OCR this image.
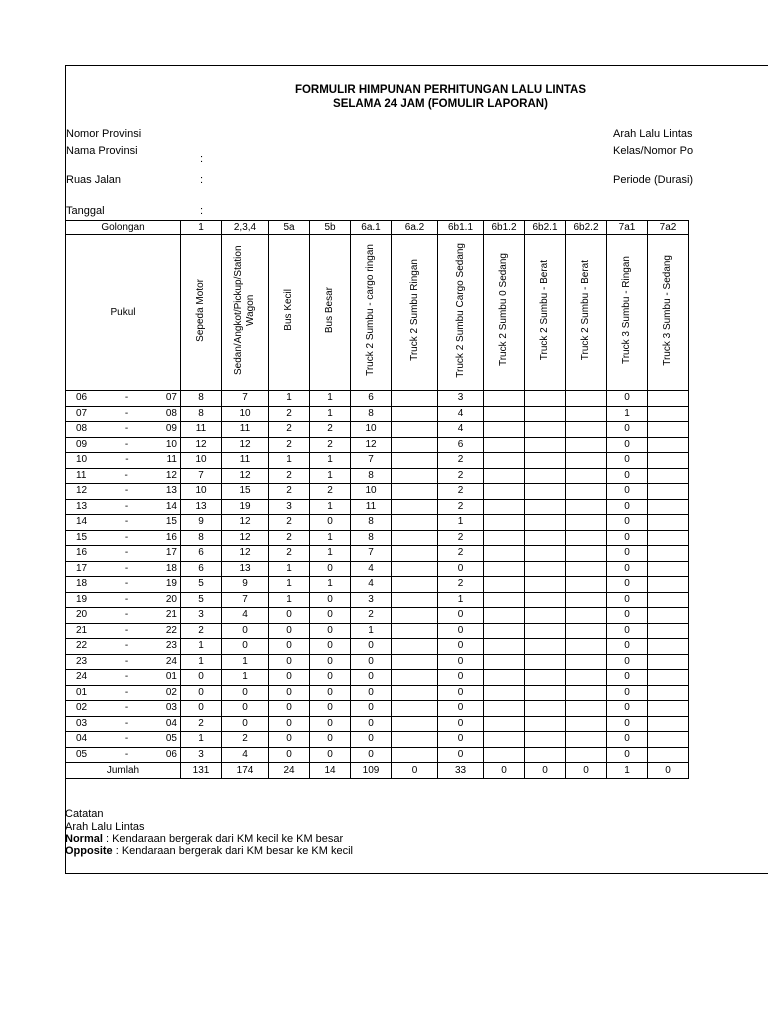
FORMULIR HIMPUNAN PERHITUNGAN LALU LINTAS
SELAMA 24 JAM (FOMULIR LAPORAN)
Nomor Provinsi
Nama Provinsi
:
Ruas Jalan	:
Tanggal	:
Arah Lalu Lintas
Kelas/Nomor Po
Periode (Durasi)
Golongan	1	2,3,4	5a	5b	6a.1	6a.2	6b1.1	6b1.2	6b2.1	6b2.2	7a1	7a2
Pukul	Sepeda Motor	Sedan/Angkot/Pickup/Station Wagon	Bus Kecil	Bus Besar	Truck 2 Sumbu - cargo ringan	Truck 2 Sumbu Ringan	Truck 2 Sumbu Cargo Sedang	Truck 2 Sumbu 0 Sedang	Truck 2 Sumbu - Berat	Truck 2 Sumbu - Berat	Truck 3 Sumbu - Ringan	Truck 3 Sumbu - Sedang

06 - 07	8	7	1	1	6		3				0	

07 - 08	8	10	2	1	8		4				1	

08 - 09	11	11	2	2	10		4				0	

09 - 10	12	12	2	2	12		6				0	

10 - 11	10	11	1	1	7		2				0	

11 - 12	7	12	2	1	8		2				0	

12 - 13	10	15	2	2	10		2				0	

13 - 14	13	19	3	1	11		2				0	

14 - 15	9	12	2	0	8		1				0	

15 - 16	8	12	2	1	8		2				0	

16 - 17	6	12	2	1	7		2				0	

17 - 18	6	13	1	0	4		0				0	

18 - 19	5	9	1	1	4		2				0	

19 - 20	5	7	1	0	3		1				0	

20 - 21	3	4	0	0	2		0				0	

21 - 22	2	0	0	0	1		0				0	

22 - 23	1	0	0	0	0		0				0	

23 - 24	1	1	0	0	0		0				0	

24 - 01	0	1	0	0	0		0				0	

01 - 02	0	0	0	0	0		0				0	

02 - 03	0	0	0	0	0		0				0	

03 - 04	2	0	0	0	0		0				0	

04 - 05	1	2	0	0	0		0				0	

05 - 06	3	4	0	0	0		0				0	
Jumlah	131	174	24	14	109	0	33	0	0	0	1	0
Catatan
Arah Lalu Lintas
Normal : Kendaraan bergerak dari KM kecil ke KM besar
Opposite : Kendaraan bergerak dari KM besar ke KM kecil
